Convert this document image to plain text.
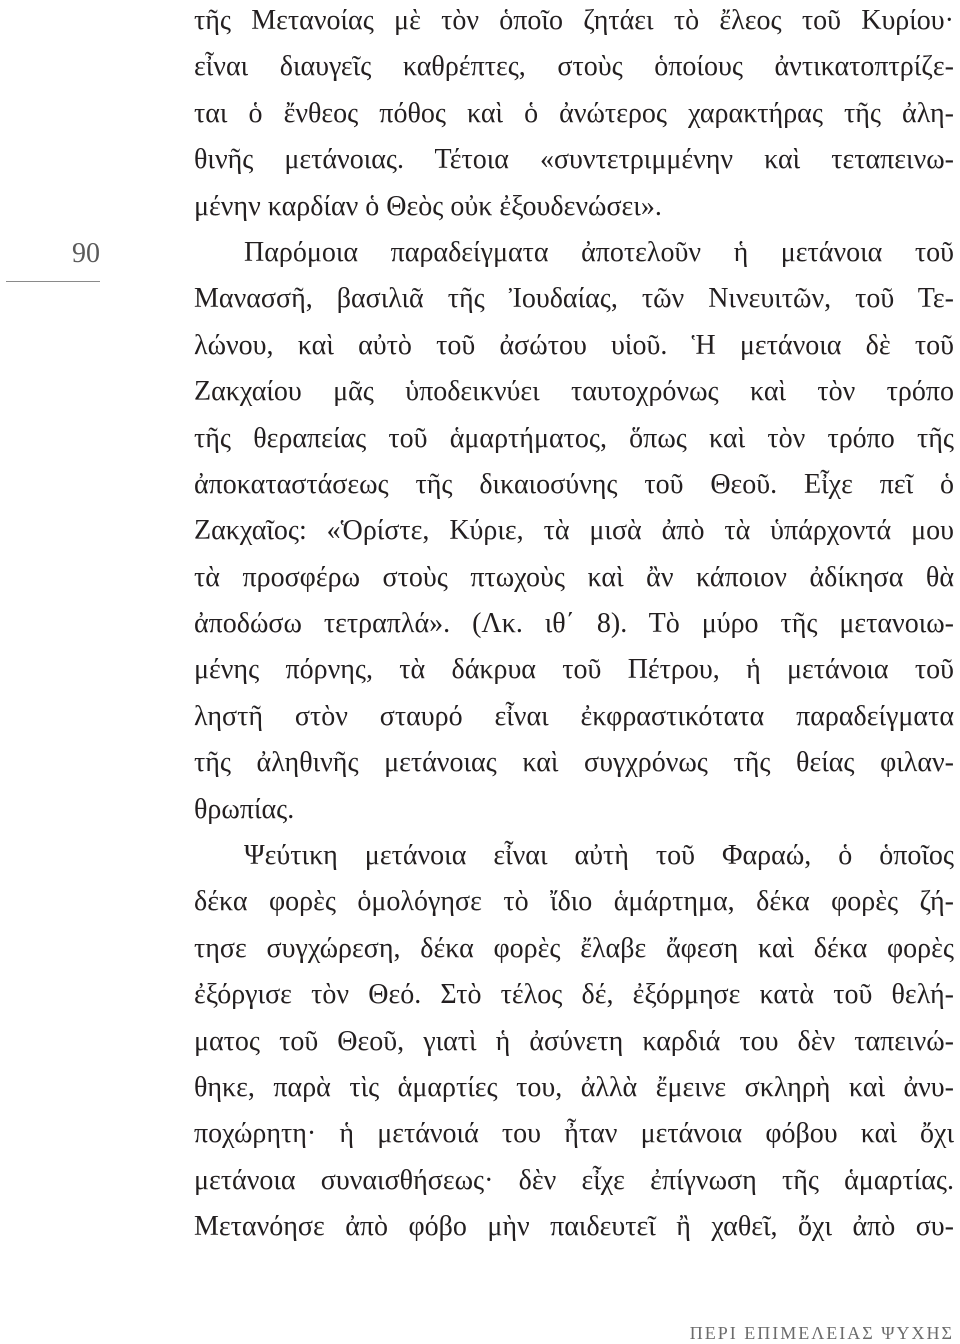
90
τῆς Μετανοίας μὲ τὸν ὁποῖο ζητάει τὸ ἔλεος τοῦ Κυρίου·
εἶναι διαυγεῖς καθρέπτες, στοὺς ὁποίους ἀντικατοπτρίζε-
ται ὁ ἔνθεος πόθος καὶ ὁ ἀνώτερος χαρακτήρας τῆς ἀλη-
θινῆς μετάνοιας. Τέτοια «συντετριμμένην καὶ τεταπεινω-
μένην καρδίαν ὁ Θεὸς οὐκ ἐξουδενώσει».
Παρόμοια παραδείγματα ἀποτελοῦν ἡ μετάνοια τοῦ
Μανασσῆ, βασιλιᾶ τῆς Ἰουδαίας, τῶν Νινευιτῶν, τοῦ Τε-
λώνου, καὶ αὐτὸ τοῦ ἀσώτου υἱοῦ. Ἡ μετάνοια δὲ τοῦ
Ζακχαίου μᾶς ὑποδεικνύει ταυτοχρόνως καὶ τὸν τρόπο
τῆς θεραπείας τοῦ ἁμαρτήματος, ὅπως καὶ τὸν τρόπο τῆς
ἀποκαταστάσεως τῆς δικαιοσύνης τοῦ Θεοῦ. Εἶχε πεῖ ὁ
Ζακχαῖος: «Ὁρίστε, Κύριε, τὰ μισὰ ἀπὸ τὰ ὑπάρχοντά μου
τὰ προσφέρω στοὺς πτωχοὺς καὶ ἂν κάποιον ἀδίκησα θὰ
ἀποδώσω τετραπλά». (Λκ. ιθ΄ 8). Τὸ μύρο τῆς μετανοιω-
μένης πόρνης, τὰ δάκρυα τοῦ Πέτρου, ἡ μετάνοια τοῦ
ληστῆ στὸν σταυρό εἶναι ἐκφραστικότατα παραδείγματα
τῆς ἀληθινῆς μετάνοιας καὶ συγχρόνως τῆς θείας φιλαν-
θρωπίας.
Ψεύτικη μετάνοια εἶναι αὐτὴ τοῦ Φαραώ, ὁ ὁποῖος
δέκα φορὲς ὁμολόγησε τὸ ἴδιο ἁμάρτημα, δέκα φορὲς ζή-
τησε συγχώρεση, δέκα φορὲς ἔλαβε ἄφεση καὶ δέκα φορὲς
ἐξόργισε τὸν Θεό. Στὸ τέλος δέ, ἐξόρμησε κατὰ τοῦ θελή-
ματος τοῦ Θεοῦ, γιατὶ ἡ ἀσύνετη καρδιά του δὲν ταπεινώ-
θηκε, παρὰ τὶς ἁμαρτίες του, ἀλλὰ ἔμεινε σκληρὴ καὶ ἀνυ-
ποχώρητη· ἡ μετάνοιά του ἦταν μετάνοια φόβου καὶ ὄχι
μετάνοια συναισθήσεως· δὲν εἶχε ἐπίγνωση τῆς ἁμαρτίας.
Μετανόησε ἀπὸ φόβο μὴν παιδευτεῖ ἢ χαθεῖ, ὄχι ἀπὸ συ-
ΠΕΡΙ ΕΠΙΜΕΛΕΙΑΣ ΨΥΧΗΣ
